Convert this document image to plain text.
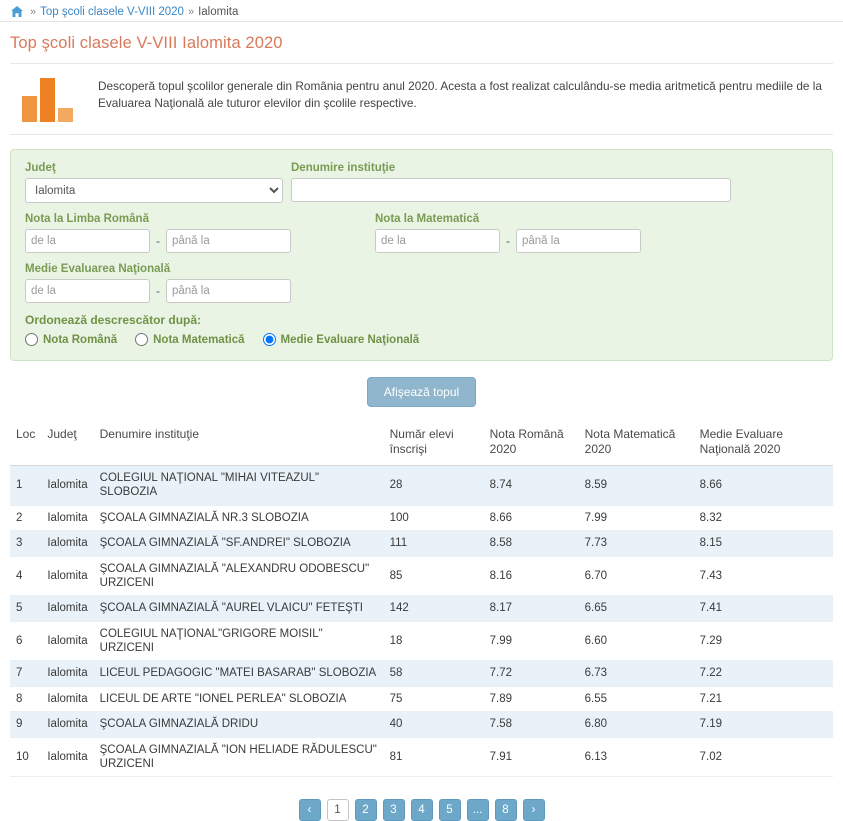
» Top şcoli clasele V-VIII 2020 » Ialomita
Top şcoli clasele V-VIII Ialomita 2020
Descoperă topul şcolilor generale din România pentru anul 2020. Acesta a fost realizat calculându-se media aritmetică pentru mediile de la Evaluarea Naţională ale tuturor elevilor din şcolile respective.
Judeţ
Ialomita	Denumire instituţie
Nota la Limba Română
de la
-
până la
Nota la Matematică
de la
-
până la
Medie Evaluarea Naţională
de la
-
până la
Ordonează descrescător după:
Nota Română	Nota Matematică	Medie Evaluare Naţională
Afişează topul
Loc	Judeţ	Denumire instituţie	Număr elevi înscrişi	Nota Română 2020	Nota Matematică 2020	Medie Evaluare Naţională 2020
1	Ialomita	COLEGIUL NAŢIONAL "MIHAI VITEAZUL" SLOBOZIA	28	8.74	8.59	8.66
2	Ialomita	ŞCOALA GIMNAZIALĂ NR.3 SLOBOZIA	100	8.66	7.99	8.32
3	Ialomita	ŞCOALA GIMNAZIALĂ "SF.ANDREI" SLOBOZIA	111	8.58	7.73	8.15
4	Ialomita	ŞCOALA GIMNAZIALĂ "ALEXANDRU ODOBESCU" URZICENI	85	8.16	6.70	7.43
5	Ialomita	ŞCOALA GIMNAZIALĂ "AUREL VLAICU" FETEŞTI	142	8.17	6.65	7.41
6	Ialomita	COLEGIUL NAŢIONAL"GRIGORE MOISIL" URZICENI	18	7.99	6.60	7.29
7	Ialomita	LICEUL PEDAGOGIC "MATEI BASARAB" SLOBOZIA	58	7.72	6.73	7.22
8	Ialomita	LICEUL DE ARTE "IONEL PERLEA" SLOBOZIA	75	7.89	6.55	7.21
9	Ialomita	ŞCOALA GIMNAZIALĂ DRIDU	40	7.58	6.80	7.19
10	Ialomita	ŞCOALA GIMNAZIALĂ "ION HELIADE RĂDULESCU" URZICENI	81	7.91	6.13	7.02
‹	1	2	3	4	5	...	8	›
